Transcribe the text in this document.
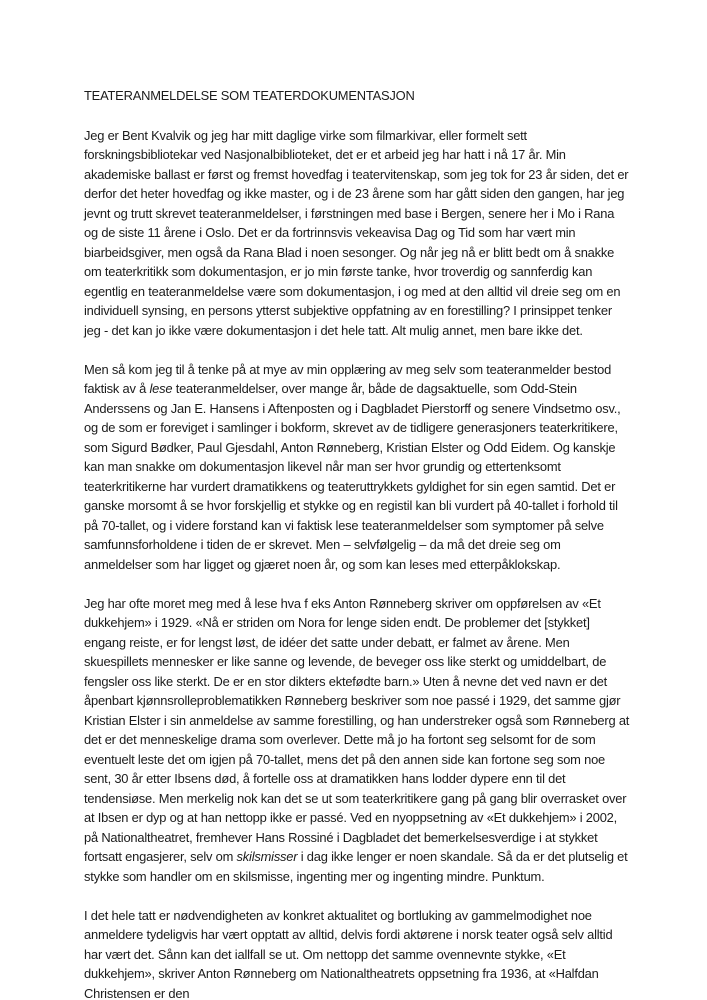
TEATERANMELDELSE SOM TEATERDOKUMENTASJON

Jeg er Bent Kvalvik og jeg har mitt daglige virke som filmarkivar, eller formelt sett forskningsbibliotekar ved Nasjonalbiblioteket, det er et arbeid jeg har hatt i nå 17 år. Min akademiske ballast er først og fremst hovedfag i teatervitenskap, som jeg tok for 23 år siden, det er derfor det heter hovedfag og ikke master, og i de 23 årene som har gått siden den gangen, har jeg jevnt og trutt skrevet teateranmeldelser, i førstningen med base i Bergen, senere her i Mo i Rana og de siste 11 årene i Oslo. Det er da fortrinnsvis vekeavisa Dag og Tid som har vært min biarbeidsgiver, men også da Rana Blad i noen sesonger. Og når jeg nå er blitt bedt om å snakke om teaterkritikk som dokumentasjon, er jo min første tanke, hvor troverdig og sannferdig kan egentlig en teateranmeldelse være som dokumentasjon, i og med at den alltid vil dreie seg om en individuell synsing, en persons ytterst subjektive oppfatning av en forestilling? I prinsippet tenker jeg - det kan jo ikke være dokumentasjon i det hele tatt. Alt mulig annet, men bare ikke det.

Men så kom jeg til å tenke på at mye av min opplæring av meg selv som teateranmelder bestod faktisk av å lese teateranmeldelser, over mange år, både de dagsaktuelle, som Odd-Stein Anderssens og Jan E. Hansens i Aftenposten og i Dagbladet Pierstorff og senere Vindsetmo osv., og de som er foreviget i samlinger i bokform, skrevet av de tidligere generasjoners teaterkritikere, som Sigurd Bødker, Paul Gjesdahl, Anton Rønneberg, Kristian Elster og Odd Eidem. Og kanskje kan man snakke om dokumentasjon likevel når man ser hvor grundig og ettertenksomt teaterkritikerne har vurdert dramatikkens og teateruttrykkets gyldighet for sin egen samtid. Det er ganske morsomt å se hvor forskjellig et stykke og en registil kan bli vurdert på 40-tallet i forhold til på 70-tallet, og i videre forstand kan vi faktisk lese teateranmeldelser som symptomer på selve samfunnsforholdene i tiden de er skrevet. Men – selvfølgelig – da må det dreie seg om anmeldelser som har ligget og gjæret noen år, og som kan leses med etterpåklokskap.

Jeg har ofte moret meg med å lese hva f eks Anton Rønneberg skriver om oppførelsen av «Et dukkehjem» i 1929. «Nå er striden om Nora for lenge siden endt. De problemer det [stykket] engang reiste, er for lengst løst, de idéer det satte under debatt, er falmet av årene. Men skuespillets mennesker er like sanne og levende, de beveger oss like sterkt og umiddelbart, de fengsler oss like sterkt. De er en stor dikters ektefødte barn.» Uten å nevne det ved navn er det åpenbart kjønnsrolleproblematikken Rønneberg beskriver som noe passé i 1929, det samme gjør Kristian Elster i sin anmeldelse av samme forestilling, og han understreker også som Rønneberg at det er det menneskelige drama som overlever. Dette må jo ha fortont seg selsomt for de som eventuelt leste det om igjen på 70-tallet, mens det på den annen side kan fortone seg som noe sent, 30 år etter Ibsens død, å fortelle oss at dramatikken hans lodder dypere enn til det tendensiøse. Men merkelig nok kan det se ut som teaterkritikere gang på gang blir overrasket over at Ibsen er dyp og at han nettopp ikke er passé. Ved en nyoppsetning av «Et dukkehjem» i 2002, på Nationaltheatret, fremhever Hans Rossiné i Dagbladet det bemerkelsesverdige i at stykket fortsatt engasjerer, selv om skilsmisser i dag ikke lenger er noen skandale. Så da er det plutselig et stykke som handler om en skilsmisse, ingenting mer og ingenting mindre. Punktum.

I det hele tatt er nødvendigheten av konkret aktualitet og bortluking av gammelmodighet noe anmeldere tydeligvis har vært opptatt av alltid, delvis fordi aktørene i norsk teater også selv alltid har vært det. Sånn kan det iallfall se ut. Om nettopp det samme ovennevnte stykke, «Et dukkehjem», skriver Anton Rønneberg om Nationaltheatrets oppsetning fra 1936, at «Halfdan Christensen er den
